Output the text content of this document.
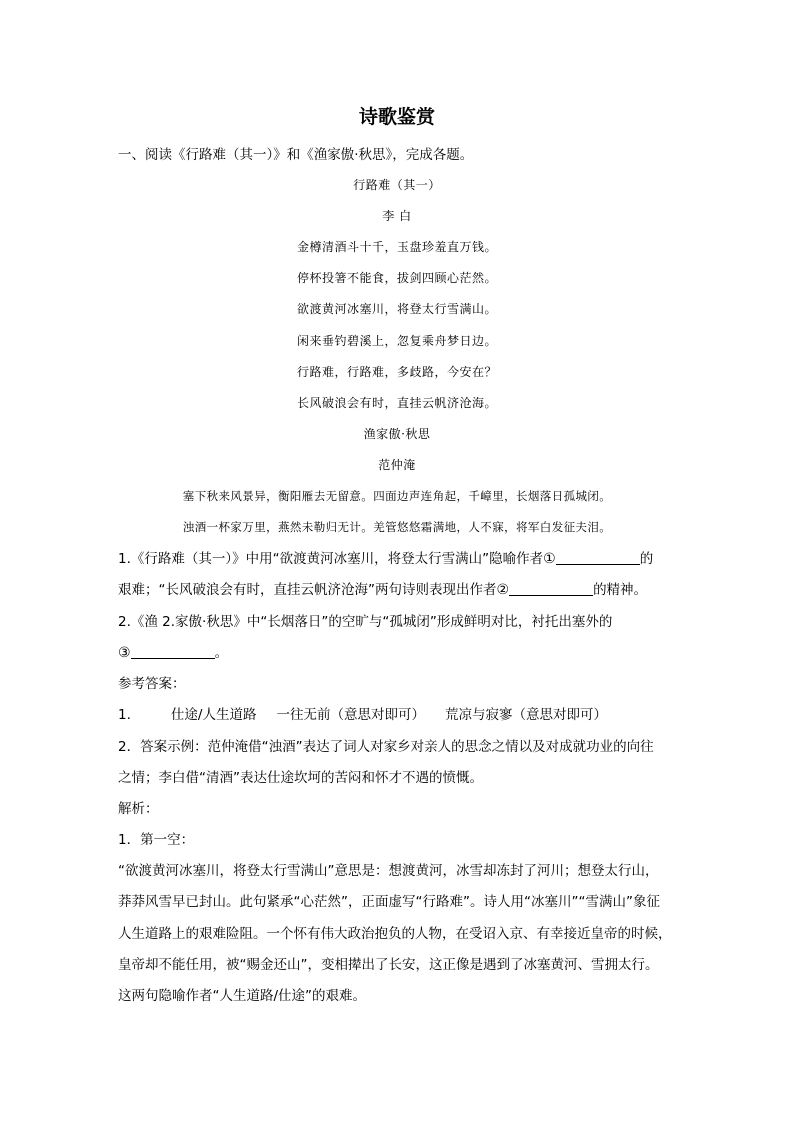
诗歌鉴赏
一、阅读《行路难（其一）》和《渔家傲·秋思》，完成各题。
行路难（其一）
李 白
金樽清酒斗十千，玉盘珍羞直万钱。
停杯投箸不能食，拔剑四顾心茫然。
欲渡黄河冰塞川，将登太行雪满山。
闲来垂钓碧溪上，忽复乘舟梦日边。
行路难，行路难，多歧路，今安在？
长风破浪会有时，直挂云帆济沧海。
渔家傲·秋思
范仲淹
塞下秋来风景异，衡阳雁去无留意。四面边声连角起，千嶂里，长烟落日孤城闭。
浊酒一杯家万里，燕然未勒归无计。羌管悠悠霜满地，人不寐，将军白发征夫泪。
1.《行路难（其一）》中用“欲渡黄河冰塞川，将登太行雪满山”隐喻作者①	的
艰难；“长风破浪会有时，直挂云帆济沧海”两句诗则表现出作者②	的精神。
2.《渔 2.家傲·秋思》中“长烟落日”的空旷与“孤城闭”形成鲜明对比，衬托出塞外的
③	。
参考答案：
1.	仕途/人生道路 一往无前（意思对即可） 荒凉与寂寥（意思对即可）
2．答案示例：范仲淹借“浊酒”表达了词人对家乡对亲人的思念之情以及对成就功业的向往
之情；李白借“清酒”表达仕途坎坷的苦闷和怀才不遇的愤慨。
解析：
1．第一空：
“欲渡黄河冰塞川，将登太行雪满山”意思是：想渡黄河，冰雪却冻封了河川；想登太行山，
莽莽风雪早已封山。此句紧承“心茫然”，正面虚写“行路难”。诗人用“冰塞川”“雪满山”象征
人生道路上的艰难险阻。一个怀有伟大政治抱负的人物，在受诏入京、有幸接近皇帝的时候，
皇帝却不能任用，被“赐金还山”，变相撵出了长安，这正像是遇到了冰塞黄河、雪拥太行。
这两句隐喻作者“人生道路/仕途”的艰难。
